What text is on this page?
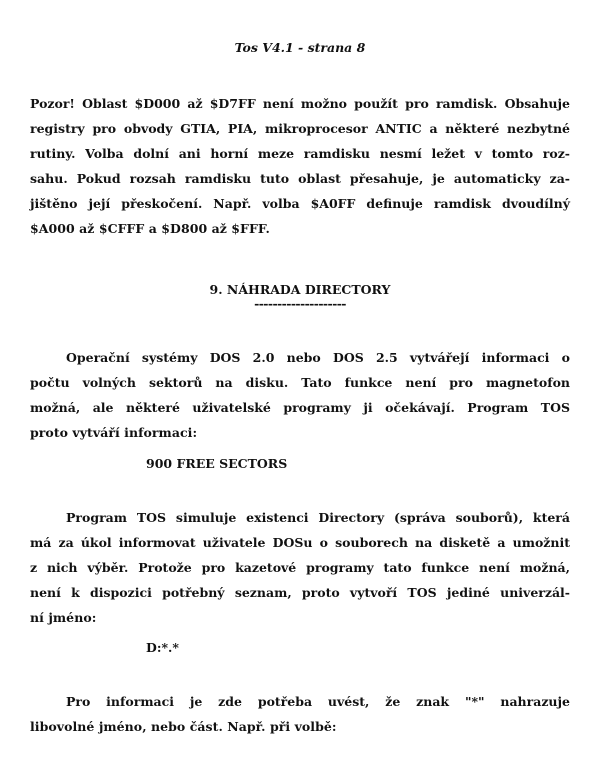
Tos V4.1 - strana 8
Pozor! Oblast $D000 až $D7FF není možno použít pro ramdisk. Obsahuje
registry pro obvody GTIA, PIA, mikroprocesor ANTIC a některé nezbytné
rutiny. Volba dolní ani horní meze ramdisku nesmí ležet v tomto roz-
sahu. Pokud rozsah ramdisku tuto oblast přesahuje, je automaticky za-
jištěno její přeskočení. Např. volba $A0FF definuje ramdisk dvoudílný
$A000 až $CFFF a $D800 až $FFF.
9. NÁHRADA DIRECTORY
--------------------
Operační systémy DOS 2.0 nebo DOS 2.5 vytvářejí informaci o
počtu volných sektorů na disku. Tato funkce není pro magnetofon
možná, ale některé uživatelské programy ji očekávají. Program TOS
proto vytváří informaci:
900 FREE SECTORS
Program TOS simuluje existenci Directory (správa souborů), která
má za úkol informovat uživatele DOSu o souborech na disketě a umožnit
z nich výběr. Protože pro kazetové programy tato funkce není možná,
není k dispozici potřebný seznam, proto vytvoří TOS jediné univerzál-
ní jméno:
D:*.*
Pro informaci je zde potřeba uvést, že znak "*" nahrazuje
libovolné jméno, nebo část. Např. při volbě:
